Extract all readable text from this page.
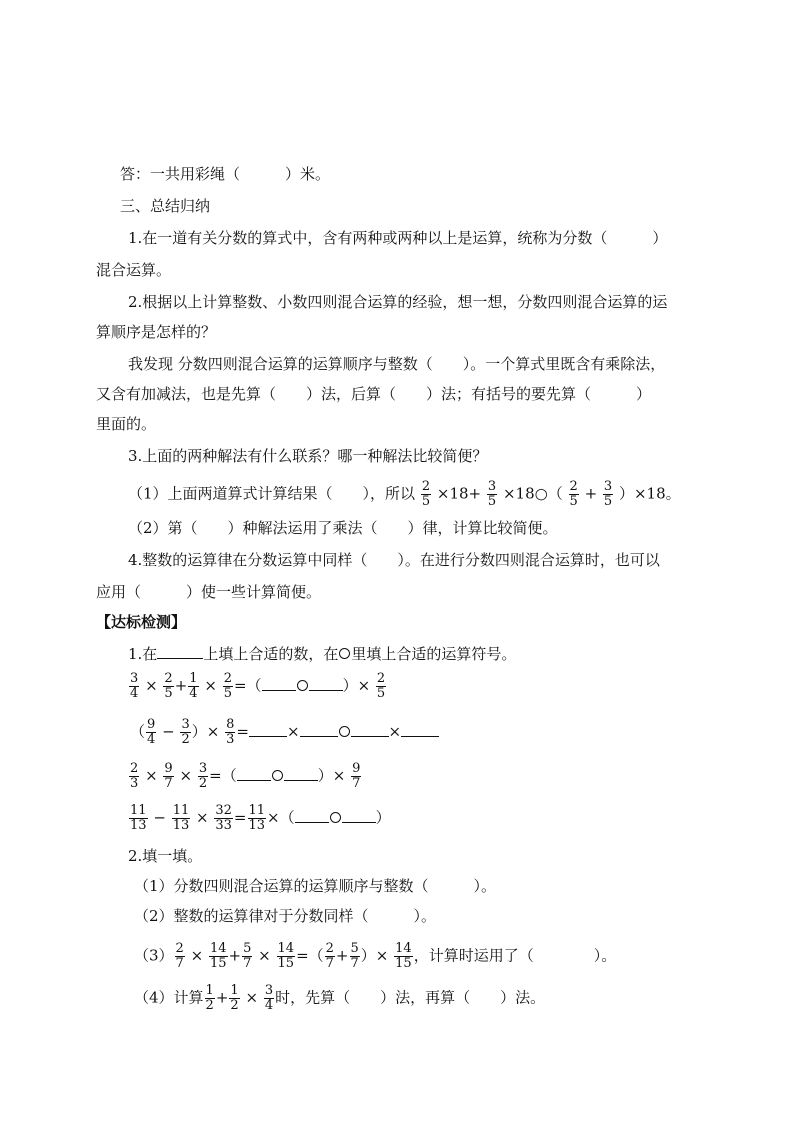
答：一共用彩绳（　　　）米。
三、总结归纳
1.在一道有关分数的算式中，含有两种或两种以上是运算，统称为分数（　　　）
混合运算。
2.根据以上计算整数、小数四则混合运算的经验，想一想，分数四则混合运算的运
算顺序是怎样的？
我发现 分数四则混合运算的运算顺序与整数（　　）。一个算式里既含有乘除法，
又含有加减法，也是先算（　　）法，后算（　　）法；有括号的要先算（　　　）
里面的。
3.上面的两种解法有什么联系？哪一种解法比较简便？
（1）上面两道算式计算结果（　　），所以 $\frac{2}{5} \times 18+ \frac{3}{5}$ ×18○（ $\frac{2}{5} + \frac{3}{5} )\times 18$。
（2）第（　　）种解法运用了乘法（　　）律，计算比较简便。
4.整数的运算律在分数运算中同样（　　）。在进行分数四则混合运算时，也可以
应用（　　　）使一些计算简便。
【达标检测】
1.在	上填上合适的数，在 里填上合适的运算符号。
$\frac{3}{4} \times \frac{2}{5} + \frac{1}{4} \times \frac{2}{5}$ =（	）× $\frac{2}{5}$
（ $\frac{9}{4} - \frac{3}{2}$ ）× $\frac{8}{3}$ =	×	×
$\frac{2}{3} \times \frac{9}{7} \times \frac{3}{2}$ =（	）× $\frac{9}{7}$
$\frac{11}{13} - \frac{11}{13} \times \frac{32}{33} = \frac{11}{13}$ ×（	）
2.填一填。
（1）分数四则混合运算的运算顺序与整数（　　　）。
（2）整数的运算律对于分数同样（　　　）。
$(3) \frac{2}{7} \times \frac{14}{15} + \frac{5}{7} \times \frac{14}{15}$ =（ $\frac{2}{7} + \frac{5}{7}$ ）× $\frac{14}{15}$ ，计算时运用了（　　　　）。
（4）计算 $\frac{1}{2} + \frac{1}{2} \times \frac{3}{4}$ 时，先算（　　）法，再算（　　）法。
